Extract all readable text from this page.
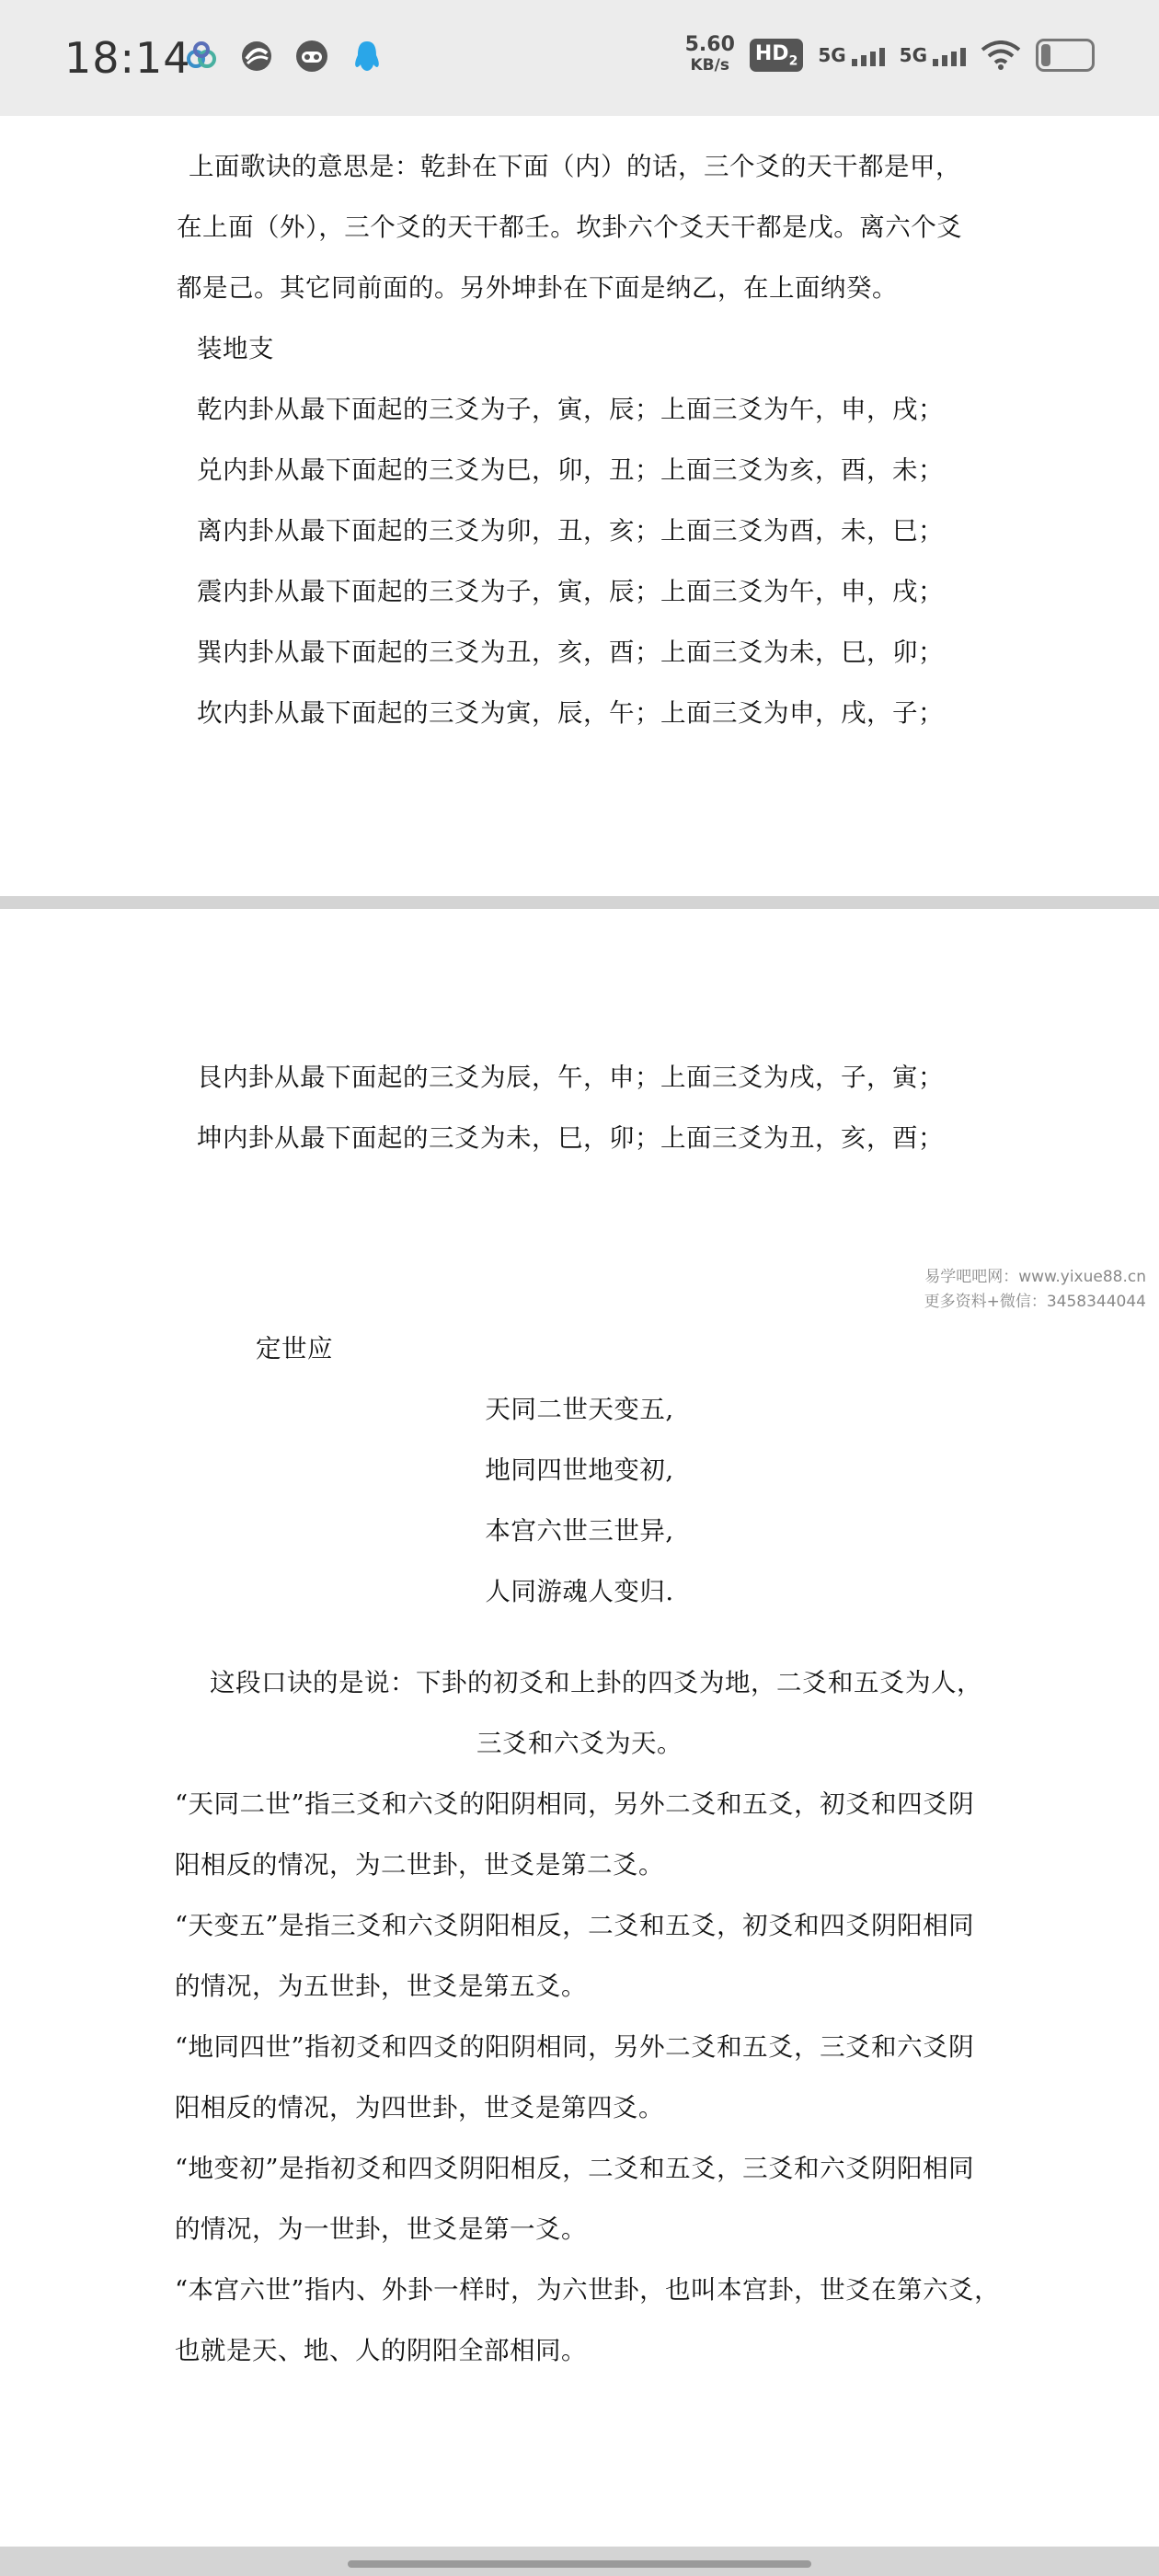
18:14	5.60
KB/s
$HD_2$	5G	5G
上面歌诀的意思是：乾卦在下面（内）的话，三个爻的天干都是甲，
在上面（外），三个爻的天干都壬。坎卦六个爻天干都是戊。离六个爻
都是己。其它同前面的。另外坤卦在下面是纳乙，在上面纳癸。
装地支
乾内卦从最下面起的三爻为子，寅，辰；上面三爻为午，申，戌；
兑内卦从最下面起的三爻为巳，卯，丑；上面三爻为亥，酉，未；
离内卦从最下面起的三爻为卯，丑，亥；上面三爻为酉，未，巳；
震内卦从最下面起的三爻为子，寅，辰；上面三爻为午，申，戌；
巽内卦从最下面起的三爻为丑，亥，酉；上面三爻为未，巳，卯；
坎内卦从最下面起的三爻为寅，辰，午；上面三爻为申，戌，子；
艮内卦从最下面起的三爻为辰，午，申；上面三爻为戌，子，寅；
坤内卦从最下面起的三爻为未，巳，卯；上面三爻为丑，亥，酉；
易学吧吧网：www.yixue88.cn
更多资料+微信：3458344044
定世应
天同二世天变五,
地同四世地变初,
本宫六世三世异,
人同游魂人变归.
这段口诀的是说：下卦的初爻和上卦的四爻为地，二爻和五爻为人，
三爻和六爻为天。
“天同二世”指三爻和六爻的阳阴相同，另外二爻和五爻，初爻和四爻阴
阳相反的情况，为二世卦，世爻是第二爻。
“天变五”是指三爻和六爻阴阳相反，二爻和五爻，初爻和四爻阴阳相同
的情况，为五世卦，世爻是第五爻。
“地同四世”指初爻和四爻的阳阴相同，另外二爻和五爻，三爻和六爻阴
阳相反的情况，为四世卦，世爻是第四爻。
“地变初”是指初爻和四爻阴阳相反，二爻和五爻，三爻和六爻阴阳相同
的情况，为一世卦，世爻是第一爻。
“本宫六世”指内、外卦一样时，为六世卦，也叫本宫卦，世爻在第六爻，
也就是天、地、人的阴阳全部相同。
